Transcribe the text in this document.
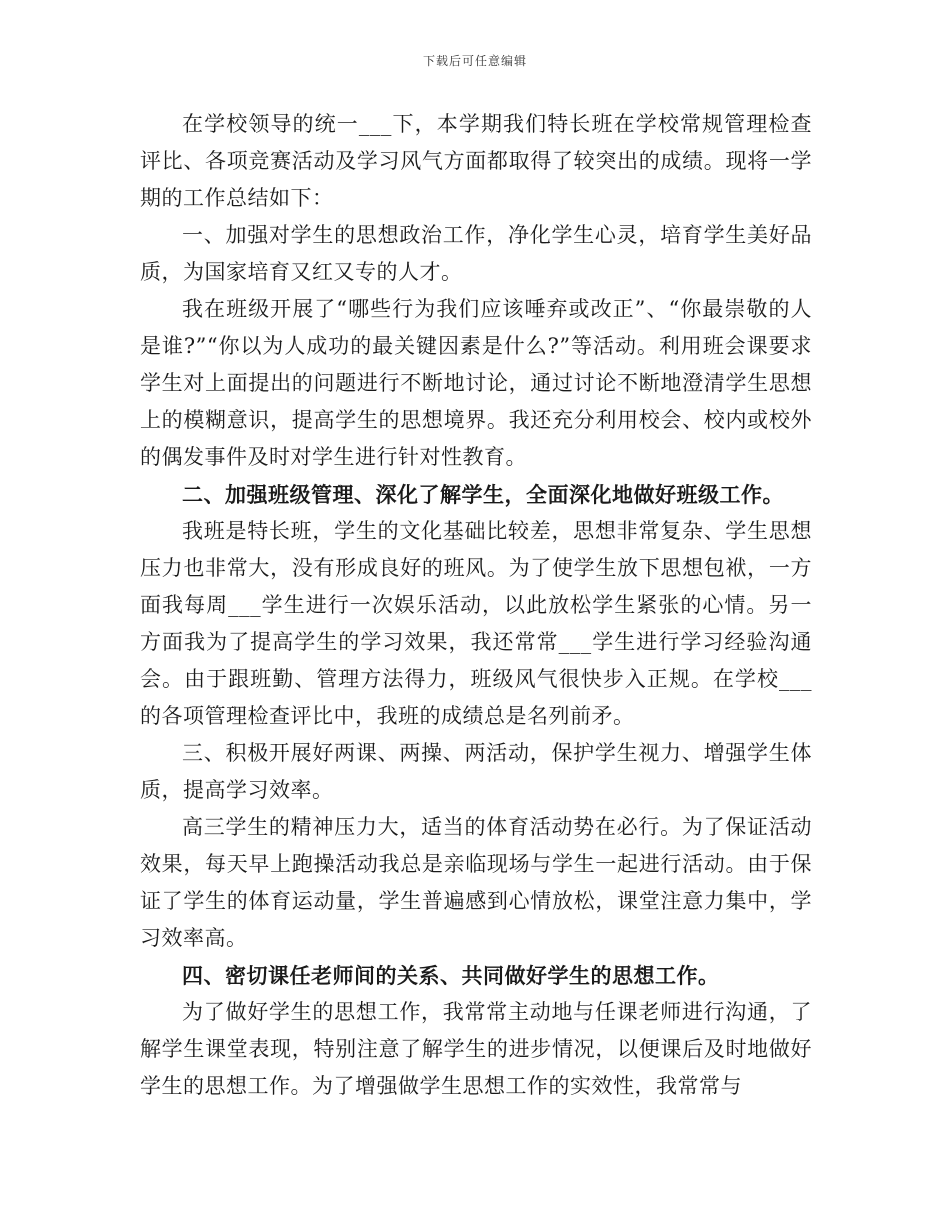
下载后可任意编辑

在学校领导的统一___下，本学期我们特长班在学校常规管理检查评比、各项竞赛活动及学习风气方面都取得了较突出的成绩。现将一学期的工作总结如下：

一、加强对学生的思想政治工作，净化学生心灵，培育学生美好品质，为国家培育又红又专的人才。

我在班级开展了“哪些行为我们应该唾弃或改正”、“你最崇敬的人是谁?”“你以为人成功的最关键因素是什么?”等活动。利用班会课要求学生对上面提出的问题进行不断地讨论，通过讨论不断地澄清学生思想上的模糊意识，提高学生的思想境界。我还充分利用校会、校内或校外的偶发事件及时对学生进行针对性教育。

二、加强班级管理、深化了解学生，全面深化地做好班级工作。

我班是特长班，学生的文化基础比较差，思想非常复杂、学生思想压力也非常大，没有形成良好的班风。为了使学生放下思想包袱，一方面我每周___学生进行一次娱乐活动，以此放松学生紧张的心情。另一方面我为了提高学生的学习效果，我还常常___学生进行学习经验沟通会。由于跟班勤、管理方法得力，班级风气很快步入正规。在学校___的各项管理检查评比中，我班的成绩总是名列前矛。

三、积极开展好两课、两操、两活动，保护学生视力、增强学生体质，提高学习效率。

高三学生的精神压力大，适当的体育活动势在必行。为了保证活动效果，每天早上跑操活动我总是亲临现场与学生一起进行活动。由于保证了学生的体育运动量，学生普遍感到心情放松，课堂注意力集中，学习效率高。

四、密切课任老师间的关系、共同做好学生的思想工作。

为了做好学生的思想工作，我常常主动地与任课老师进行沟通，了解学生课堂表现，特别注意了解学生的进步情况，以便课后及时地做好学生的思想工作。为了增强做学生思想工作的实效性，我常常与
